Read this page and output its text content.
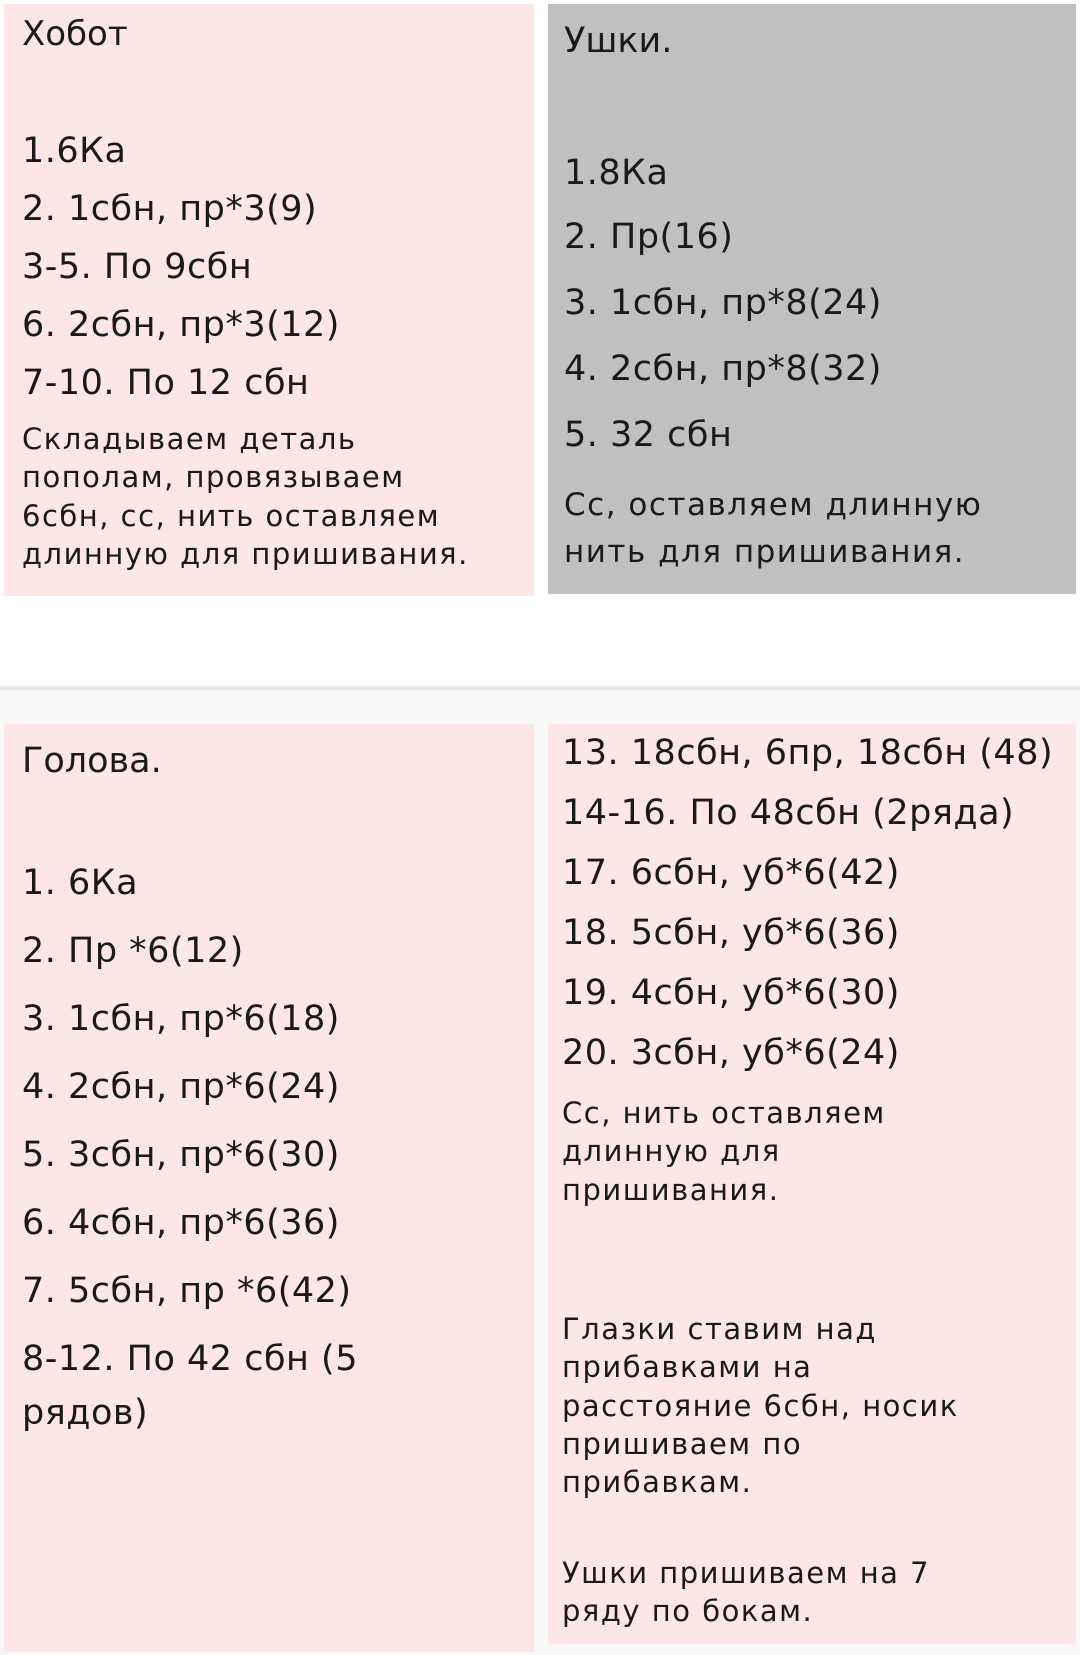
Хобот
1.6Ка
2. 1сбн, пр*3(9)
3-5. По 9сбн
6. 2сбн, пр*3(12)
7-10. По 12 сбн
Складываем деталь
пополам, провязываем
6сбн, сс, нить оставляем
длинную для пришивания.
Ушки.
1.8Ка
2. Пр(16)
3. 1сбн, пр*8(24)
4. 2сбн, пр*8(32)
5. 32 сбн
Сс, оставляем длинную
нить для пришивания.
Голова.
1. 6Ка
2. Пр *6(12)
3. 1сбн, пр*6(18)
4. 2сбн, пр*6(24)
5. 3сбн, пр*6(30)
6. 4сбн, пр*6(36)
7. 5сбн, пр *6(42)
8-12. По 42 сбн (5
рядов)
13. 18сбн, 6пр, 18сбн (48)
14-16. По 48сбн (2ряда)
17. 6сбн, уб*6(42)
18. 5сбн, уб*6(36)
19. 4сбн, уб*6(30)
20. 3сбн, уб*6(24)
Сс, нить оставляем
длинную для
пришивания.
Глазки ставим над
прибавками на
расстояние 6сбн, носик
пришиваем по
прибавкам.
Ушки пришиваем на 7
ряду по бокам.
